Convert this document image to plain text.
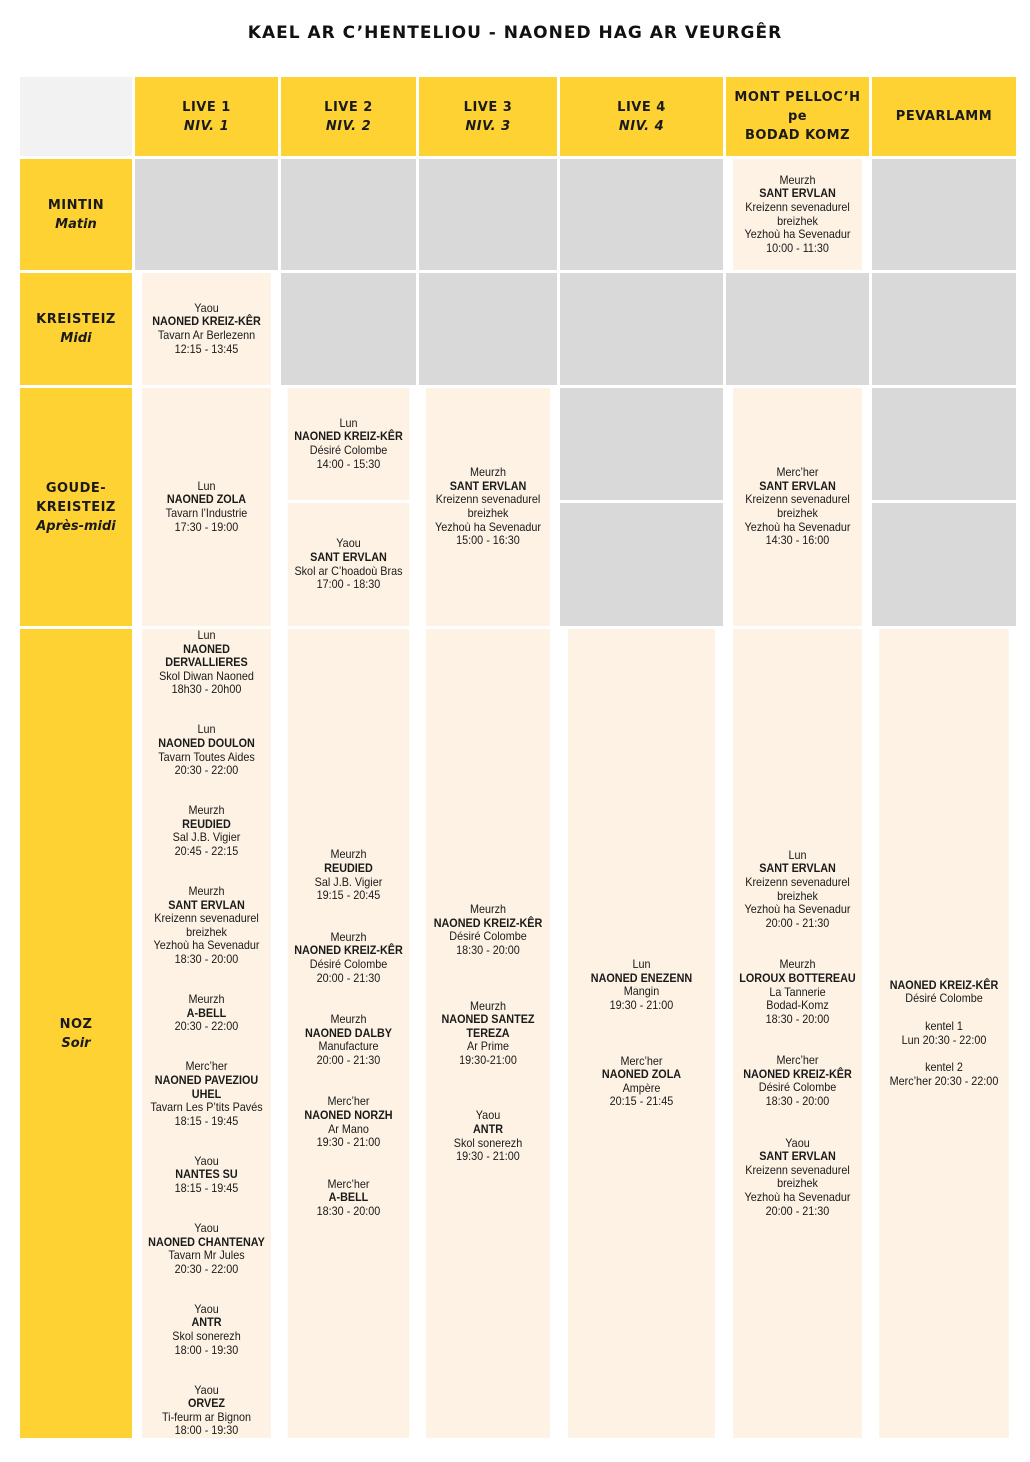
KAEL AR C’HENTELIOU - NAONED HAG AR VEURGÊR
LIVE 1
NIV. 1
LIVE 2
NIV. 2
LIVE 3
NIV. 3
LIVE 4
NIV. 4
MONT PELLOC’H
pe
BODAD KOMZ
PEVARLAMM
MINTIN
Matin
KREISTEIZ
Midi
GOUDE-
KREISTEIZ
Après-midi
NOZ
Soir
Meurzh
SANT ERVLAN
Kreizenn sevenadurel
breizhek
Yezhoù ha Sevenadur
10:00 - 11:30
Yaou
NAONED KREIZ-KÊR
Tavarn Ar Berlezenn
12:15 - 13:45
Lun
NAONED ZOLA
Tavarn l’Industrie
17:30 - 19:00
Lun
NAONED KREIZ-KÊR
Désiré Colombe
14:00 - 15:30
Yaou
SANT ERVLAN
Skol ar C’hoadoù Bras
17:00 - 18:30
Meurzh
SANT ERVLAN
Kreizenn sevenadurel
breizhek
Yezhoù ha Sevenadur
15:00 - 16:30
Merc’her
SANT ERVLAN
Kreizenn sevenadurel
breizhek
Yezhoù ha Sevenadur
14:30 - 16:00
Lun
NAONED DERVALLIERES
Skol Diwan Naoned
18h30 - 20h00
Lun
NAONED DOULON
Tavarn Toutes Aides
20:30 - 22:00
Meurzh
REUDIED
Sal J.B. Vigier
20:45 - 22:15
Meurzh
SANT ERVLAN
Kreizenn sevenadurel
breizhek
Yezhoù ha Sevenadur
18:30 - 20:00
Meurzh
A-BELL
20:30 - 22:00
Merc’her
NAONED PAVEZIOU UHEL
Tavarn Les P’tits Pavés
18:15 - 19:45
Yaou
NANTES SU
18:15 - 19:45
Yaou
NAONED CHANTENAY
Tavarn Mr Jules
20:30 - 22:00
Yaou
ANTR
Skol sonerezh
18:00 - 19:30
Yaou
ORVEZ
Ti-feurm ar Bignon
18:00 - 19:30
Meurzh
REUDIED
Sal J.B. Vigier
19:15 - 20:45
Meurzh
NAONED KREIZ-KÊR
Désiré Colombe
20:00 - 21:30
Meurzh
NAONED DALBY
Manufacture
20:00 - 21:30
Merc’her
NAONED NORZH
Ar Mano
19:30 - 21:00
Merc’her
A-BELL
18:30 - 20:00
Meurzh
NAONED KREIZ-KÊR
Désiré Colombe
18:30 - 20:00
Meurzh
NAONED SANTEZ
TEREZA
Ar Prime
19:30-21:00
Yaou
ANTR
Skol sonerezh
19:30 - 21:00
Lun
NAONED ENEZENN
Mangin
19:30 - 21:00
Merc’her
NAONED ZOLA
Ampère
20:15 - 21:45
Lun
SANT ERVLAN
Kreizenn sevenadurel
breizhek
Yezhoù ha Sevenadur
20:00 - 21:30
Meurzh
LOROUX BOTTEREAU
La Tannerie
Bodad-Komz
18:30 - 20:00
Merc’her
NAONED KREIZ-KÊR
Désiré Colombe
18:30 - 20:00
Yaou
SANT ERVLAN
Kreizenn sevenadurel
breizhek
Yezhoù ha Sevenadur
20:00 - 21:30
NAONED KREIZ-KÊR
Désiré Colombe
kentel 1
Lun 20:30 - 22:00
kentel 2
Merc’her 20:30 - 22:00
